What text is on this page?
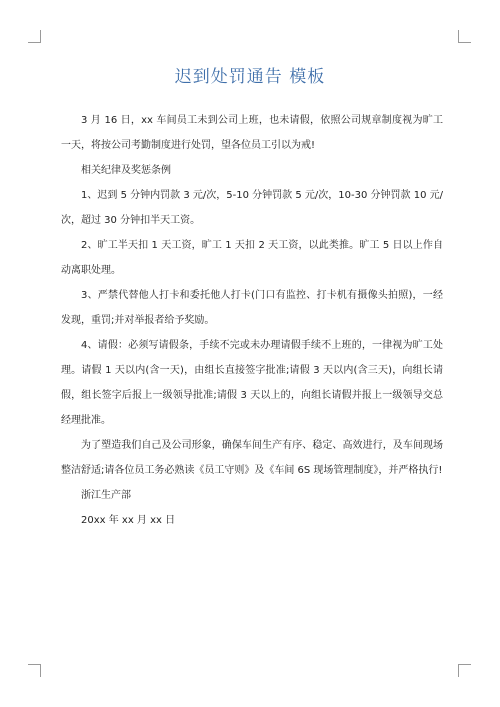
迟到处罚通告 模板

3 月 16 日，xx 车间员工未到公司上班，也未请假，依照公司规章制度视为旷工一天，将按公司考勤制度进行处罚，望各位员工引以为戒!

相关纪律及奖惩条例

1、迟到 5 分钟内罚款 3 元/次，5-10 分钟罚款 5 元/次，10-30 分钟罚款 10 元/次，超过 30 分钟扣半天工资。

2、旷工半天扣 1 天工资，旷工 1 天扣 2 天工资，以此类推。旷工 5 日以上作自动离职处理。

3、严禁代替他人打卡和委托他人打卡(门口有监控、打卡机有摄像头拍照)，一经发现，重罚;并对举报者给予奖励。

4、请假：必须写请假条，手续不完或未办理请假手续不上班的，一律视为旷工处理。请假 1 天以内(含一天)，由组长直接签字批准;请假 3 天以内(含三天)，向组长请假，组长签字后报上一级领导批准;请假 3 天以上的，向组长请假并报上一级领导交总经理批准。

为了塑造我们自己及公司形象，确保车间生产有序、稳定、高效进行，及车间现场整洁舒适;请各位员工务必熟读《员工守则》及《车间 6S 现场管理制度》，并严格执行!

浙江生产部

20xx 年 xx 月 xx 日
